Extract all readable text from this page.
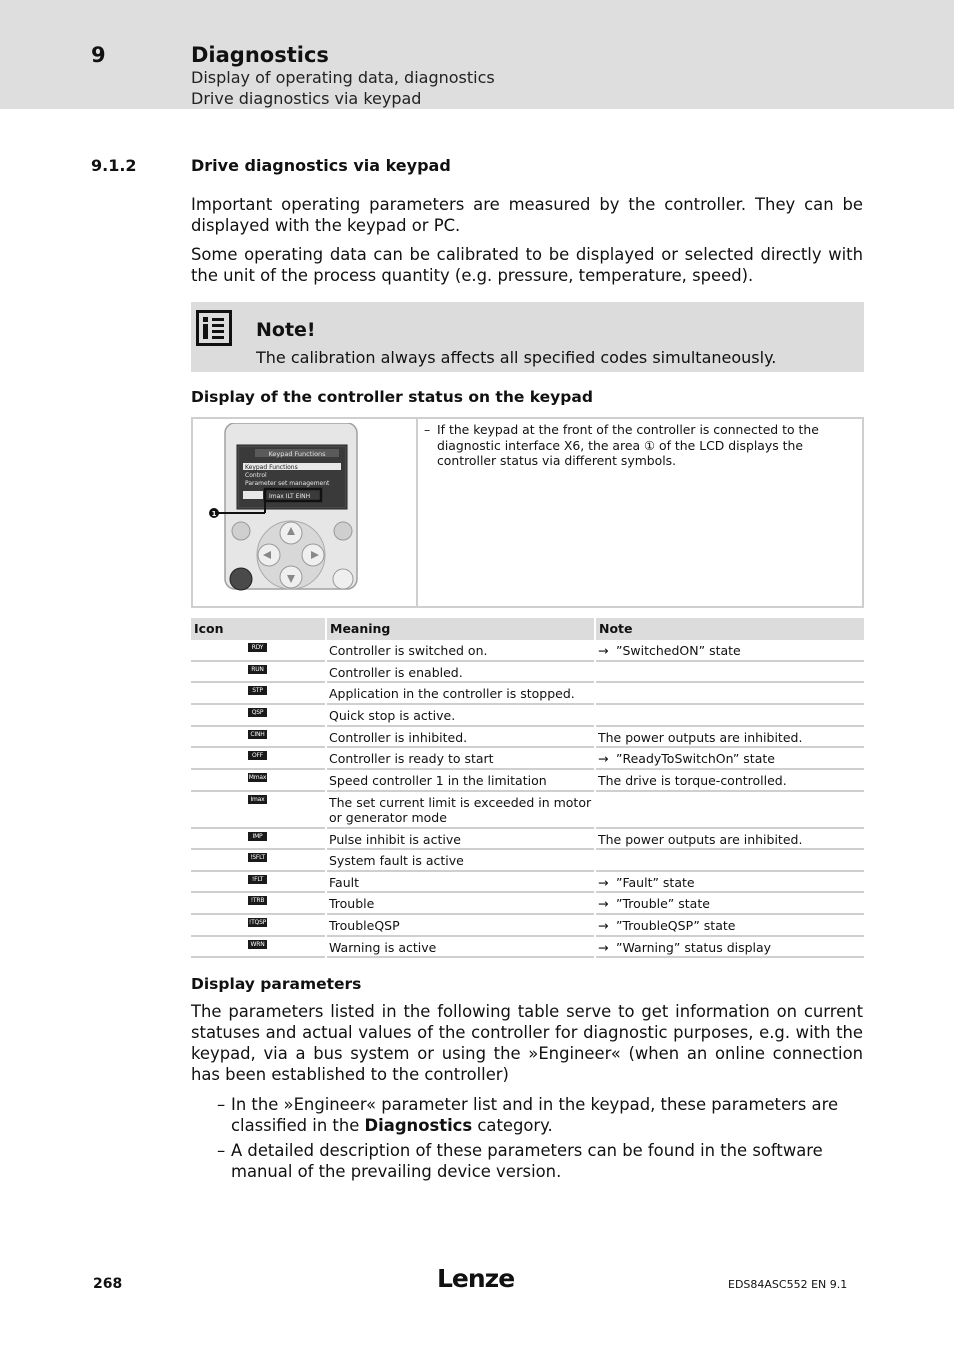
9	Diagnostics
Display of operating data, diagnostics
Drive diagnostics via keypad
9.1.2	Drive diagnostics via keypad
Important operating parameters are measured by the controller. They can be displayed with the keypad or PC.
Some operating data can be calibrated to be displayed or selected directly with the unit of the process quantity (e.g. pressure, temperature, speed).
Note!
The calibration always affects all specified codes simultaneously.
Display of the controller status on the keypad
Keypad Functions
Keypad Functions
Control
Parameter set management
Imax ILT EINH
1
– If the keypad at the front of the controller is connected to the diagnostic interface X6, the area ① of the LCD displays the controller status via different symbols.
Icon	Meaning	Note
RDY	Controller is switched on.	→ ”SwitchedON” state
RUN	Controller is enabled.
STP	Application in the controller is stopped.
QSP	Quick stop is active.
CINH	Controller is inhibited.	The power outputs are inhibited.
OFF	Controller is ready to start	→ ”ReadyToSwitchOn” state
Mmax	Speed controller 1 in the limitation	The drive is torque-controlled.
Imax	The set current limit is exceeded in motor or generator mode
IMP	Pulse inhibit is active	The power outputs are inhibited.
!SFLT	System fault is active
!FLT	Fault	→ ”Fault” state
!TRB	Trouble	→ ”Trouble” state
!TQSP	TroubleQSP	→ ”TroubleQSP” state
WRN	Warning is active	→ ”Warning” status display
Display parameters
The parameters listed in the following table serve to get information on current statuses and actual values of the controller for diagnostic purposes, e.g. with the keypad, via a bus system or using the »Engineer« (when an online connection has been established to the controller)
– In the »Engineer« parameter list and in the keypad, these parameters are classified in the Diagnostics category.
– A detailed description of these parameters can be found in the software manual of the prevailing device version.
268	Lenze	EDS84ASC552 EN 9.1
